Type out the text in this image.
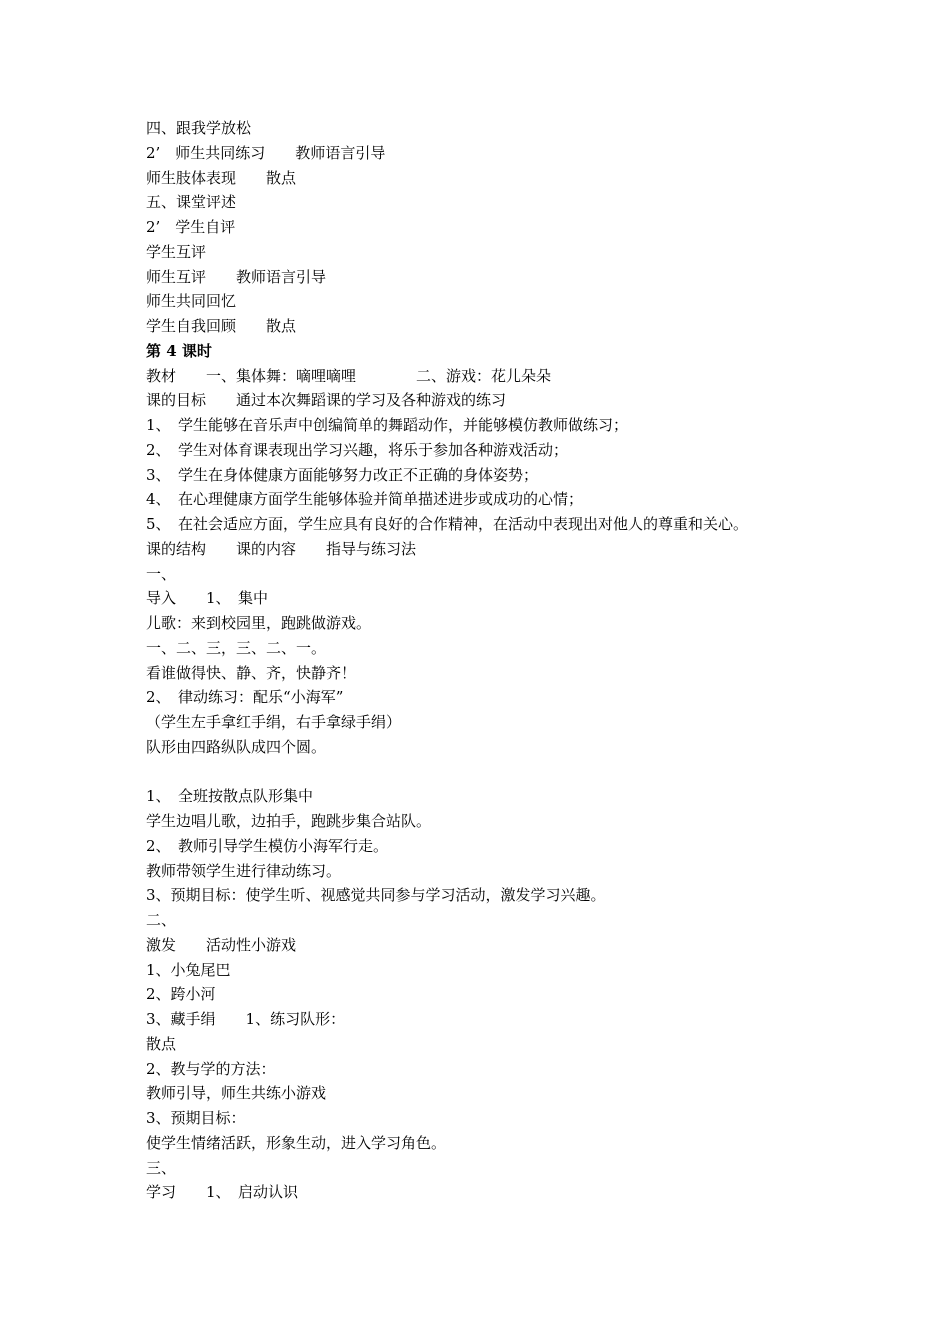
四、跟我学放松
2’　师生共同练习　　教师语言引导
师生肢体表现　　散点
五、课堂评述
2’　学生自评
学生互评
师生互评　　教师语言引导
师生共同回忆
学生自我回顾　　散点
第 4 课时
教材　　一、集体舞：嘀哩嘀哩　　　　二、游戏：花儿朵朵
课的目标　　通过本次舞蹈课的学习及各种游戏的练习
1、　学生能够在音乐声中创编简单的舞蹈动作，并能够模仿教师做练习；
2、　学生对体育课表现出学习兴趣，将乐于参加各种游戏活动；
3、　学生在身体健康方面能够努力改正不正确的身体姿势；
4、　在心理健康方面学生能够体验并简单描述进步或成功的心情；
5、　在社会适应方面，学生应具有良好的合作精神，在活动中表现出对他人的尊重和关心。
课的结构　　课的内容　　指导与练习法
一、
导入　　1、　集中
儿歌：来到校园里，跑跳做游戏。
一、二、三，三、二、一。
看谁做得快、静、齐，快静齐！
2、　律动练习：配乐“小海军”
（学生左手拿红手绢，右手拿绿手绢）
队形由四路纵队成四个圆。
1、　全班按散点队形集中
学生边唱儿歌，边拍手，跑跳步集合站队。
2、　教师引导学生模仿小海军行走。
教师带领学生进行律动练习。
3、预期目标：使学生听、视感觉共同参与学习活动，激发学习兴趣。
二、
激发　　活动性小游戏
1、小兔尾巴
2、跨小河
3、藏手绢　　1、练习队形：
散点
2、教与学的方法：
教师引导，师生共练小游戏
3、预期目标：
使学生情绪活跃，形象生动，进入学习角色。
三、
学习　　1、　启动认识
